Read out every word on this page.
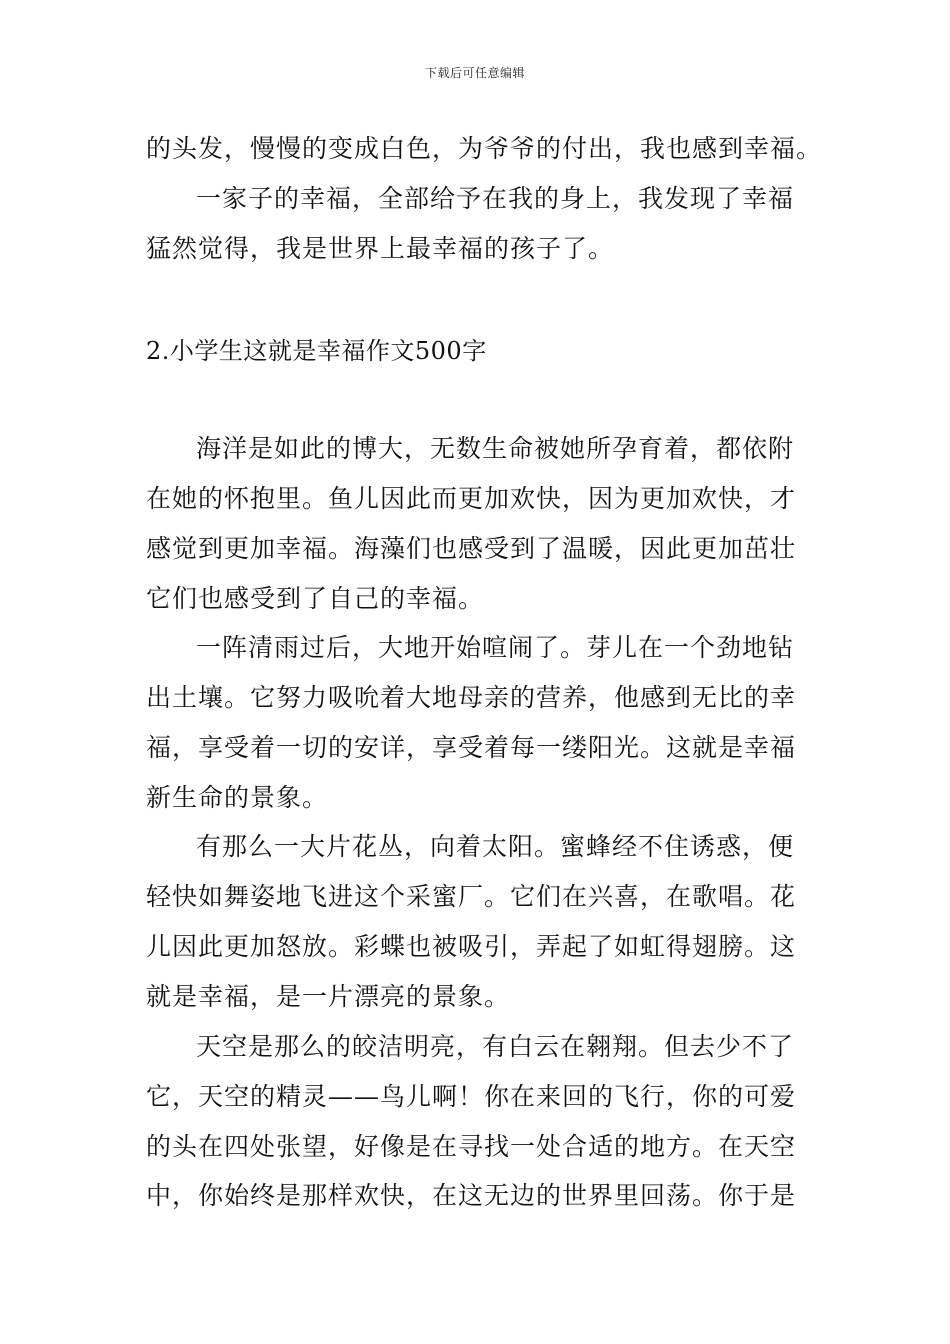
下载后可任意编辑
的头发，慢慢的变成白色，为爷爷的付出，我也感到幸福。
一家子的幸福，全部给予在我的身上，我发现了幸福
猛然觉得，我是世界上最幸福的孩子了。
2.小学生这就是幸福作文500字
海洋是如此的博大，无数生命被她所孕育着，都依附
在她的怀抱里。鱼儿因此而更加欢快，因为更加欢快，才
感觉到更加幸福。海藻们也感受到了温暖，因此更加茁壮
它们也感受到了自己的幸福。
一阵清雨过后，大地开始喧闹了。芽儿在一个劲地钻
出土壤。它努力吸吮着大地母亲的营养，他感到无比的幸
福，享受着一切的安详，享受着每一缕阳光。这就是幸福
新生命的景象。
有那么一大片花丛，向着太阳。蜜蜂经不住诱惑，便
轻快如舞姿地飞进这个采蜜厂。它们在兴喜，在歌唱。花
儿因此更加怒放。彩蝶也被吸引，弄起了如虹得翅膀。这
就是幸福，是一片漂亮的景象。
天空是那么的皎洁明亮，有白云在翱翔。但去少不了
它，天空的精灵——鸟儿啊！你在来回的飞行，你的可爱
的头在四处张望，好像是在寻找一处合适的地方。在天空
中，你始终是那样欢快，在这无边的世界里回荡。你于是
